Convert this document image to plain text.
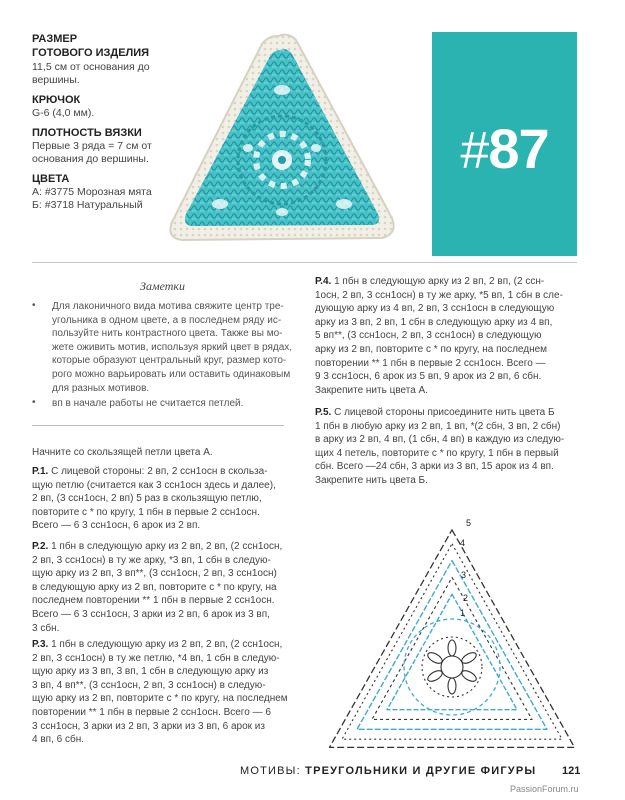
РАЗМЕР
ГОТОВОГО ИЗДЕЛИЯ
11,5 см от основания до
вершины.
КРЮЧОК
G-6 (4,0 мм).
ПЛОТНОСТЬ ВЯЗКИ
Первые 3 ряда = 7 см от
основания до вершины.
ЦВЕТА
А: #3775 Морозная мята
Б: #3718 Натуральный
#87
Заметки
• Для лаконичного вида мотива свяжите центр тре-
угольника в одном цвете, а в последнем ряду ис-
пользуйте нить контрастного цвета. Также вы мо-
жете оживить мотив, используя яркий цвет в рядах,
которые образуют центральный круг, размер кото-
рого можно варьировать или оставить одинаковым
для разных мотивов.
• вп в начале работы не считается петлей.
Начните со скользящей петли цвета А.
Р.1. С лицевой стороны: 2 вп, 2 ссн1осн в скольза-
щую петлю (считается как 3 ссн1осн здесь и далее),
2 вп, (3 ссн1осн, 2 вп) 5 раз в скользящую петлю,
повторите с * по кругу, 1 пбн в первые 2 ссн1осн.
Всего — 6 3 ссн1осн, 6 арок из 2 вп.
Р.2. 1 пбн в следующую арку из 2 вп, 2 вп, (2 ссн1осн,
2 вп, 3 ссн1осн) в ту же арку, *3 вп, 1 сбн в следую-
щую арку из 2 вп, 3 вп**, (3 ссн1осн, 2 вп, 3 ссн1осн)
в следующую арку из 2 вп, повторите с * по кругу, на
последнем повторении ** 1 пбн в первые 2 ссн1осн.
Всего — 6 3 ссн1осн, 3 арки из 2 вп, 6 арок из 3 вп,
3 сбн.
Р.3. 1 пбн в следующую арку из 2 вп, 2 вп, (2 ссн1осн,
2 вп, 3 ссн1осн) в ту же петлю, *4 вп, 1 сбн в следую-
щую арку из 3 вп, 3 вп, 1 сбн в следующую арку из
3 вп, 4 вп**, (3 ссн1осн, 2 вп, 3 ссн1осн) в следую-
щую арку из 2 вп, повторите с * по кругу, на последнем
повторении ** 1 пбн в первые 2 ссн1осн. Всего — 6
3 ссн1осн, 3 арки из 2 вп, 3 арки из 3 вп, 6 арок из
4 вп, 6 сбн.
Р.4. 1 пбн в следующую арку из 2 вп, 2 вп, (2 ссн-
1осн, 2 вп, 3 ссн1осн) в ту же арку, *5 вп, 1 сбн в сле-
дующую арку из 4 вп, 2 вп, 3 ссн1осн в следующую
арку из 3 вп, 2 вп, 1 сбн в следующую арку из 4 вп,
5 вп**, (3 ссн1осн, 2 вп, 3 ссн1осн) в следующую
арку из 2 вп, повторите с * по кругу, на последнем
повторении ** 1 пбн в первые 2 ссн1осн. Всего —
9 3 ссн1осн, 6 арок из 5 вп, 9 арок из 2 вп, 6 сбн.
Закрепите нить цвета А.
Р.5. С лицевой стороны присоедините нить цвета Б
1 пбн в любую арку из 2 вп, 1 вп, *(2 сбн, 3 вп, 2 сбн)
в арку из 2 вп, 4 вп, (1 сбн, 4 вп) в каждую из следую-
щих 4 петель, повторите с * по кругу, 1 пбн в первый
сбн. Всего —24 сбн, 3 арки из 3 вп, 15 арок из 4 вп.
Закрепите нить цвета Б.
1
2
3
4
5
МОТИВЫ: ТРЕУГОЛЬНИКИ И ДРУГИЕ ФИГУРЫ 121
PassionForum.ru
